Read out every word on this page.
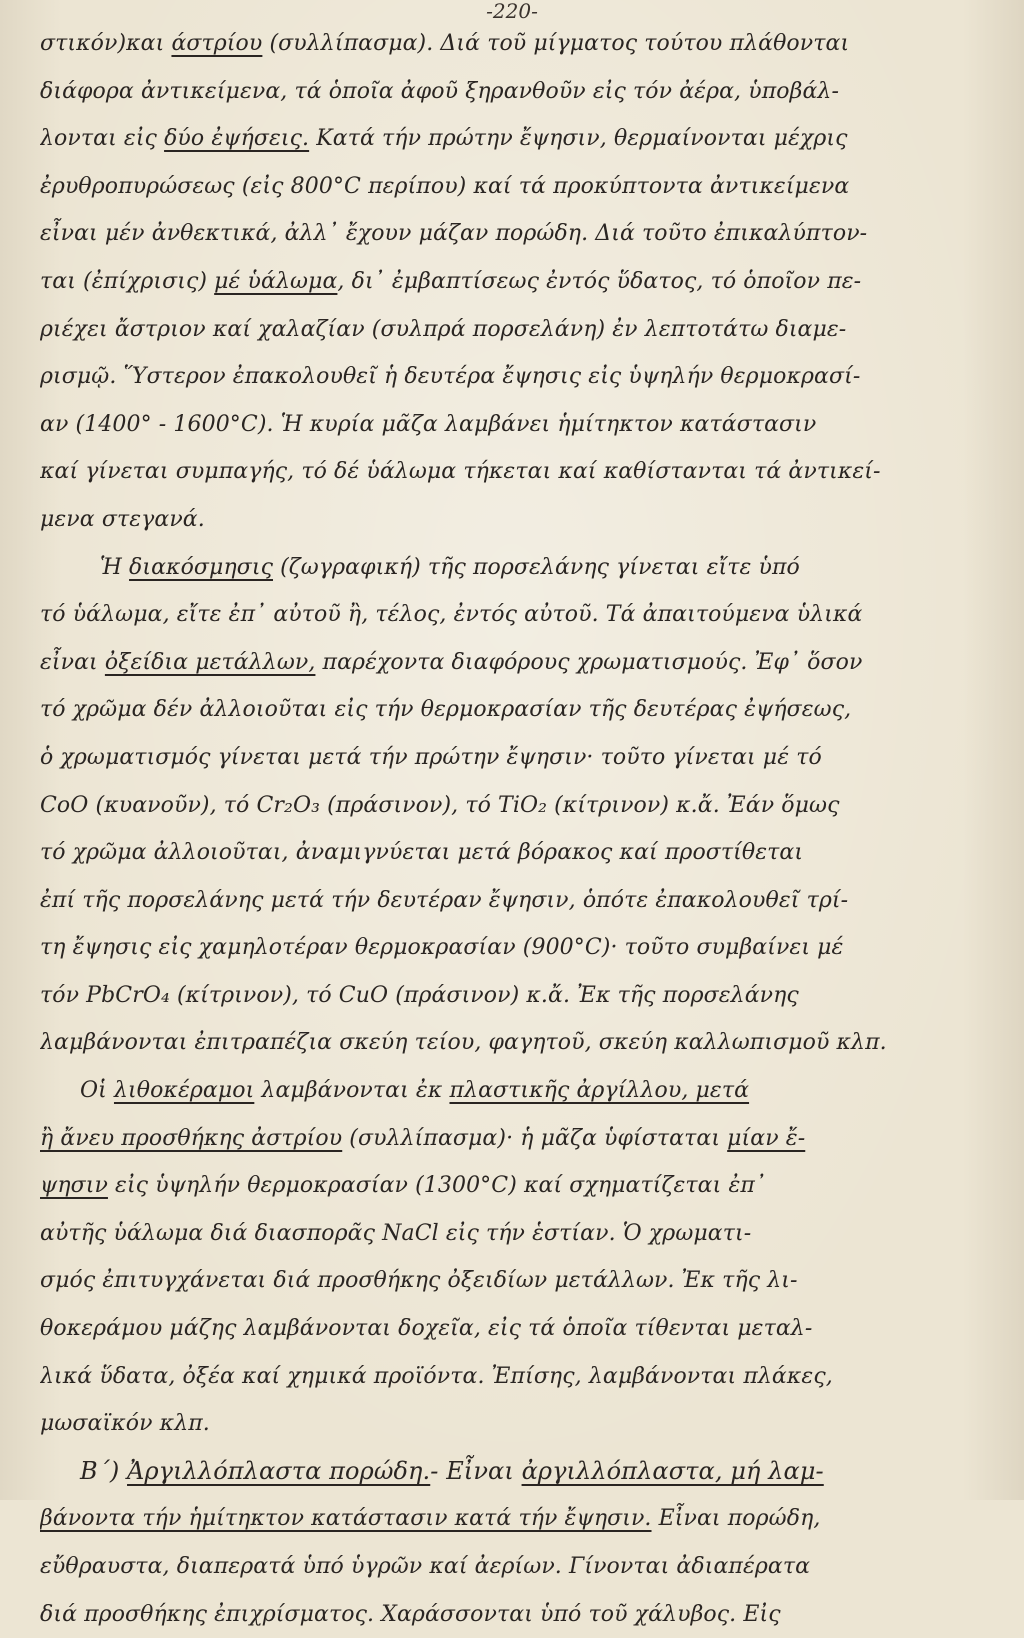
-220-
στικόν)και άστρίου (συλλίπασμα). Διά τοῦ μίγματος τούτου πλάθονται
διάφορα ἀντικείμενα, τά ὁποῖα ἀφοῦ ξηρανθοῦν εἰς τόν ἀέρα, ὑποβάλ-
λονται εἰς δύο ἐψήσεις. Κατά τήν πρώτην ἔψησιν, θερμαίνονται μέχρις
ἐρυθροπυρώσεως (εἰς 800°C περίπου) καί τά προκύπτοντα ἀντικείμενα
εἶναι μέν ἀνθεκτικά, ἀλλ᾽ ἔχουν μάζαν πορώδη. Διά τοῦτο ἐπικαλύπτον-
ται (ἐπίχρισις) μέ ὑάλωμα, δι᾽ ἐμβαπτίσεως ἐντός ὕδατος, τό ὁποῖον πε-
ριέχει ἄστριον καί χαλαζίαν (συλπρά πορσελάνη) ἐν λεπτοτάτω διαμε-
ρισμῷ. Ὕστερον ἐπακολουθεῖ ἡ δευτέρα ἔψησις εἰς ὑψηλήν θερμοκρασί-
αν (1400° - 1600°C). Ἡ κυρία μᾶζα λαμβάνει ἡμίτηκτον κατάστασιν
καί γίνεται συμπαγής, τό δέ ὑάλωμα τήκεται καί καθίστανται τά ἀντικεί-
μενα στεγανά.
Ἡ διακόσμησις (ζωγραφική) τῆς πορσελάνης γίνεται εἴτε ὑπό
τό ὑάλωμα, εἴτε ἐπ᾽ αὐτοῦ ἢ, τέλος, ἐντός αὐτοῦ. Τά ἀπαιτούμενα ὑλικά
εἶναι ὀξείδια μετάλλων, παρέχοντα διαφόρους χρωματισμούς. Ἐφ᾽ ὅσον
τό χρῶμα δέν ἀλλοιοῦται εἰς τήν θερμοκρασίαν τῆς δευτέρας ἐψήσεως,
ὁ χρωματισμός γίνεται μετά τήν πρώτην ἔψησιν· τοῦτο γίνεται μέ τό
CoO (κυανοῦν), τό Cr₂O₃ (πράσινον), τό TiO₂ (κίτρινον) κ.ἄ. Ἐάν ὅμως
τό χρῶμα ἀλλοιοῦται, ἀναμιγνύεται μετά βόρακος καί προστίθεται
ἐπί τῆς πορσελάνης μετά τήν δευτέραν ἔψησιν, ὁπότε ἐπακολουθεῖ τρί-
τη ἔψησις εἰς χαμηλοτέραν θερμοκρασίαν (900°C)· τοῦτο συμβαίνει μέ
τόν PbCrO₄ (κίτρινον), τό CuO (πράσινον) κ.ἄ. Ἐκ τῆς πορσελάνης
λαμβάνονται ἐπιτραπέζια σκεύη τείου, φαγητοῦ, σκεύη καλλωπισμοῦ κλπ.
Οἱ λιθοκέραμοι λαμβάνονται ἐκ πλαστικῆς ἀργίλλου, μετά
ἢ ἄνευ προσθήκης ἀστρίου (συλλίπασμα)· ἡ μᾶζα ὑφίσταται μίαν ἔ-
ψησιν εἰς ὑψηλήν θερμοκρασίαν (1300°C) καί σχηματίζεται ἐπ᾽
αὐτῆς ὑάλωμα διά διασπορᾶς NaCl εἰς τήν ἑστίαν. Ὁ χρωματι-
σμός ἐπιτυγχάνεται διά προσθήκης ὀξειδίων μετάλλων. Ἐκ τῆς λι-
θοκεράμου μάζης λαμβάνονται δοχεῖα, εἰς τά ὁποῖα τίθενται μεταλ-
λικά ὕδατα, ὀξέα καί χημικά προϊόντα. Ἐπίσης, λαμβάνονται πλάκες,
μωσαϊκόν κλπ.
Β΄) Ἀργιλλόπλαστα πορώδη.- Εἶναι ἀργιλλόπλαστα, μή λαμ-
βάνοντα τήν ἡμίτηκτον κατάστασιν κατά τήν ἔψησιν. Εἶναι πορώδη,
εὔθραυστα, διαπερατά ὑπό ὑγρῶν καί ἀερίων. Γίνονται ἀδιαπέρατα
διά προσθήκης ἐπιχρίσματος. Χαράσσονται ὑπό τοῦ χάλυβος. Εἰς
